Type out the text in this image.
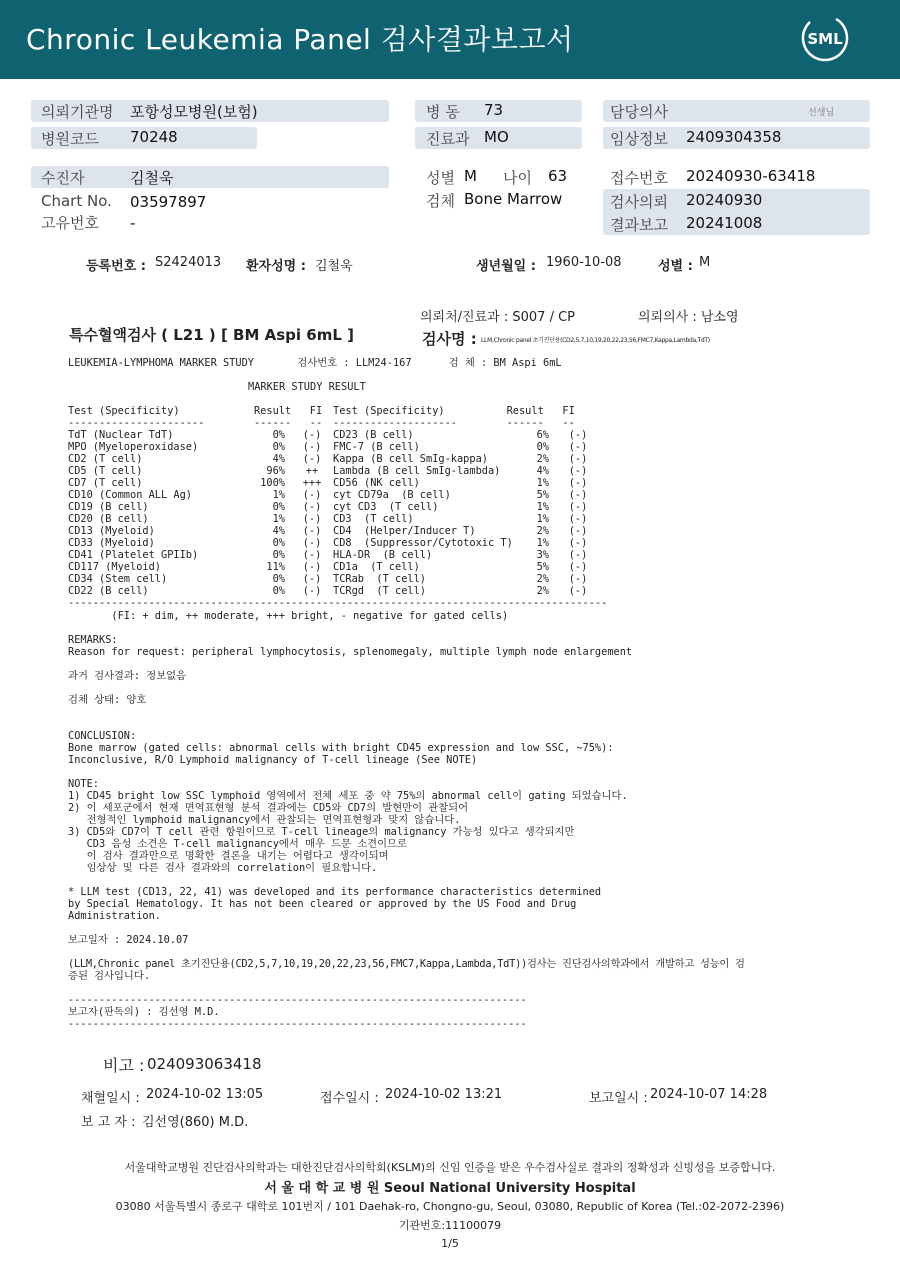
Chronic Leukemia Panel 검사결과보고서	SML
의뢰기관명 포항성모병원(보험)
병원코드 70248
병 동 73
진료과 MO
담당의사	선생님
임상정보 2409304358
수진자	김철욱
Chart No. 03597897
고유번호 -
성별 M 나이 63
검체 Bone Marrow
접수번호 20240930-63418
검사의뢰 20240930
결과보고 20241008
등록번호 : S2424013 환자성명 : 김철욱	생년월일 : 1960-10-08	성별 : M
의뢰처/진료과 : S007 / CP	의뢰의사 : 남소영
특수혈액검사 ( L21 ) [ BM Aspi 6mL ]	검사명 : LLM,Chronic panel 초기진단용(CD2,5,7,10,19,20,22,23,56,FMC7,Kappa,Lambda,TdT)
LEUKEMIA-LYMPHOMA MARKER STUDY       검사번호 : LLM24-167      검 체 : BM Aspi 6mL
MARKER STUDY RESULT
Test (Specificity)            Result   FI
----------------------        ------   --
Test (Specificity)          Result   FI
--------------------        ------   --
TdT (Nuclear TdT)	0% (-)
MPO (Myeloperoxidase)	0% (-)
CD2 (T cell)	4% (-)
CD5 (T cell)	96%	++
CD7 (T cell)	100% +++
CD10 (Common ALL Ag)	1% (-)
CD19 (B cell)	0% (-)
CD20 (B cell)	1% (-)
CD13 (Myeloid)	4% (-)
CD33 (Myeloid)	0% (-)
CD41 (Platelet GPIIb)	0% (-)
CD117 (Myeloid)	11% (-)
CD34 (Stem cell)	0% (-)
CD22 (B cell)	0% (-)
CD23 (B cell)	6% (-)
FMC-7 (B cell)	0% (-)
Kappa (B cell SmIg-kappa)	2% (-)
Lambda (B cell SmIg-lambda)	4% (-)
CD56 (NK cell)	1% (-)
cyt CD79a  (B cell)	5% (-)
cyt CD3  (T cell)	1% (-)
CD3  (T cell)	1% (-)
CD4  (Helper/Inducer T)	2% (-)
CD8  (Suppressor/Cytotoxic T)	1% (-)
HLA-DR  (B cell)	3% (-)
CD1a  (T cell)	5% (-)
TCRab  (T cell)	2% (-)
TCRgd  (T cell)	2% (-)
---------------------------------------------------------------------------------------
(FI: + dim, ++ moderate, +++ bright, - negative for gated cells)
REMARKS:
Reason for request: peripheral lymphocytosis, splenomegaly, multiple lymph node enlargement
과거 검사결과: 정보없음
검체 상태: 양호
CONCLUSION:
Bone marrow (gated cells: abnormal cells with bright CD45 expression and low SSC, ~75%):
Inconclusive, R/O Lymphoid malignancy of T-cell lineage (See NOTE)
NOTE:
1) CD45 bright low SSC lymphoid 영역에서 전체 세포 중 약 75%의 abnormal cell이 gating 되었습니다.
2) 이 세포군에서 현재 면역표현형 분석 결과에는 CD5와 CD7의 발현만이 관찰되어
전형적인 lymphoid malignancy에서 관찰되는 면역표현형과 맞지 않습니다.
3) CD5와 CD7이 T cell 관련 항원이므로 T-cell lineage의 malignancy 가능성 있다고 생각되지만
CD3 음성 소견은 T-cell malignancy에서 매우 드문 소견이므로
이 검사 결과만으로 명확한 결론을 내기는 어렵다고 생각이되며
임상상 및 다른 검사 결과와의 correlation이 필요합니다.
* LLM test (CD13, 22, 41) was developed and its performance characteristics determined
by Special Hematology. It has not been cleared or approved by the US Food and Drug
Administration.
보고일자 : 2024.10.07
(LLM,Chronic panel 초기진단용(CD2,5,7,10,19,20,22,23,56,FMC7,Kappa,Lambda,TdT))검사는 진단검사의학과에서 개발하고 성능이 검
증된 검사입니다.
--------------------------------------------------------------------------
보고자(판독의) : 김선영 M.D.
--------------------------------------------------------------------------
비고 : 024093063418
채혈일시 : 2024-10-02 13:05	접수일시 : 2024-10-02 13:21	보고일시 : 2024-10-07 14:28
보 고 자 : 김선영(860) M.D.
서울대학교병원 진단검사의학과는 대한진단검사의학회(KSLM)의 신임 인증을 받은 우수검사실로 결과의 정확성과 신빙성을 보증합니다.
서 울 대 학 교 병 원 Seoul National University Hospital
03080 서울특별시 종로구 대학로 101번지 / 101 Daehak-ro, Chongno-gu, Seoul, 03080, Republic of Korea (Tel.:02-2072-2396)
기관번호:11100079
1/5
